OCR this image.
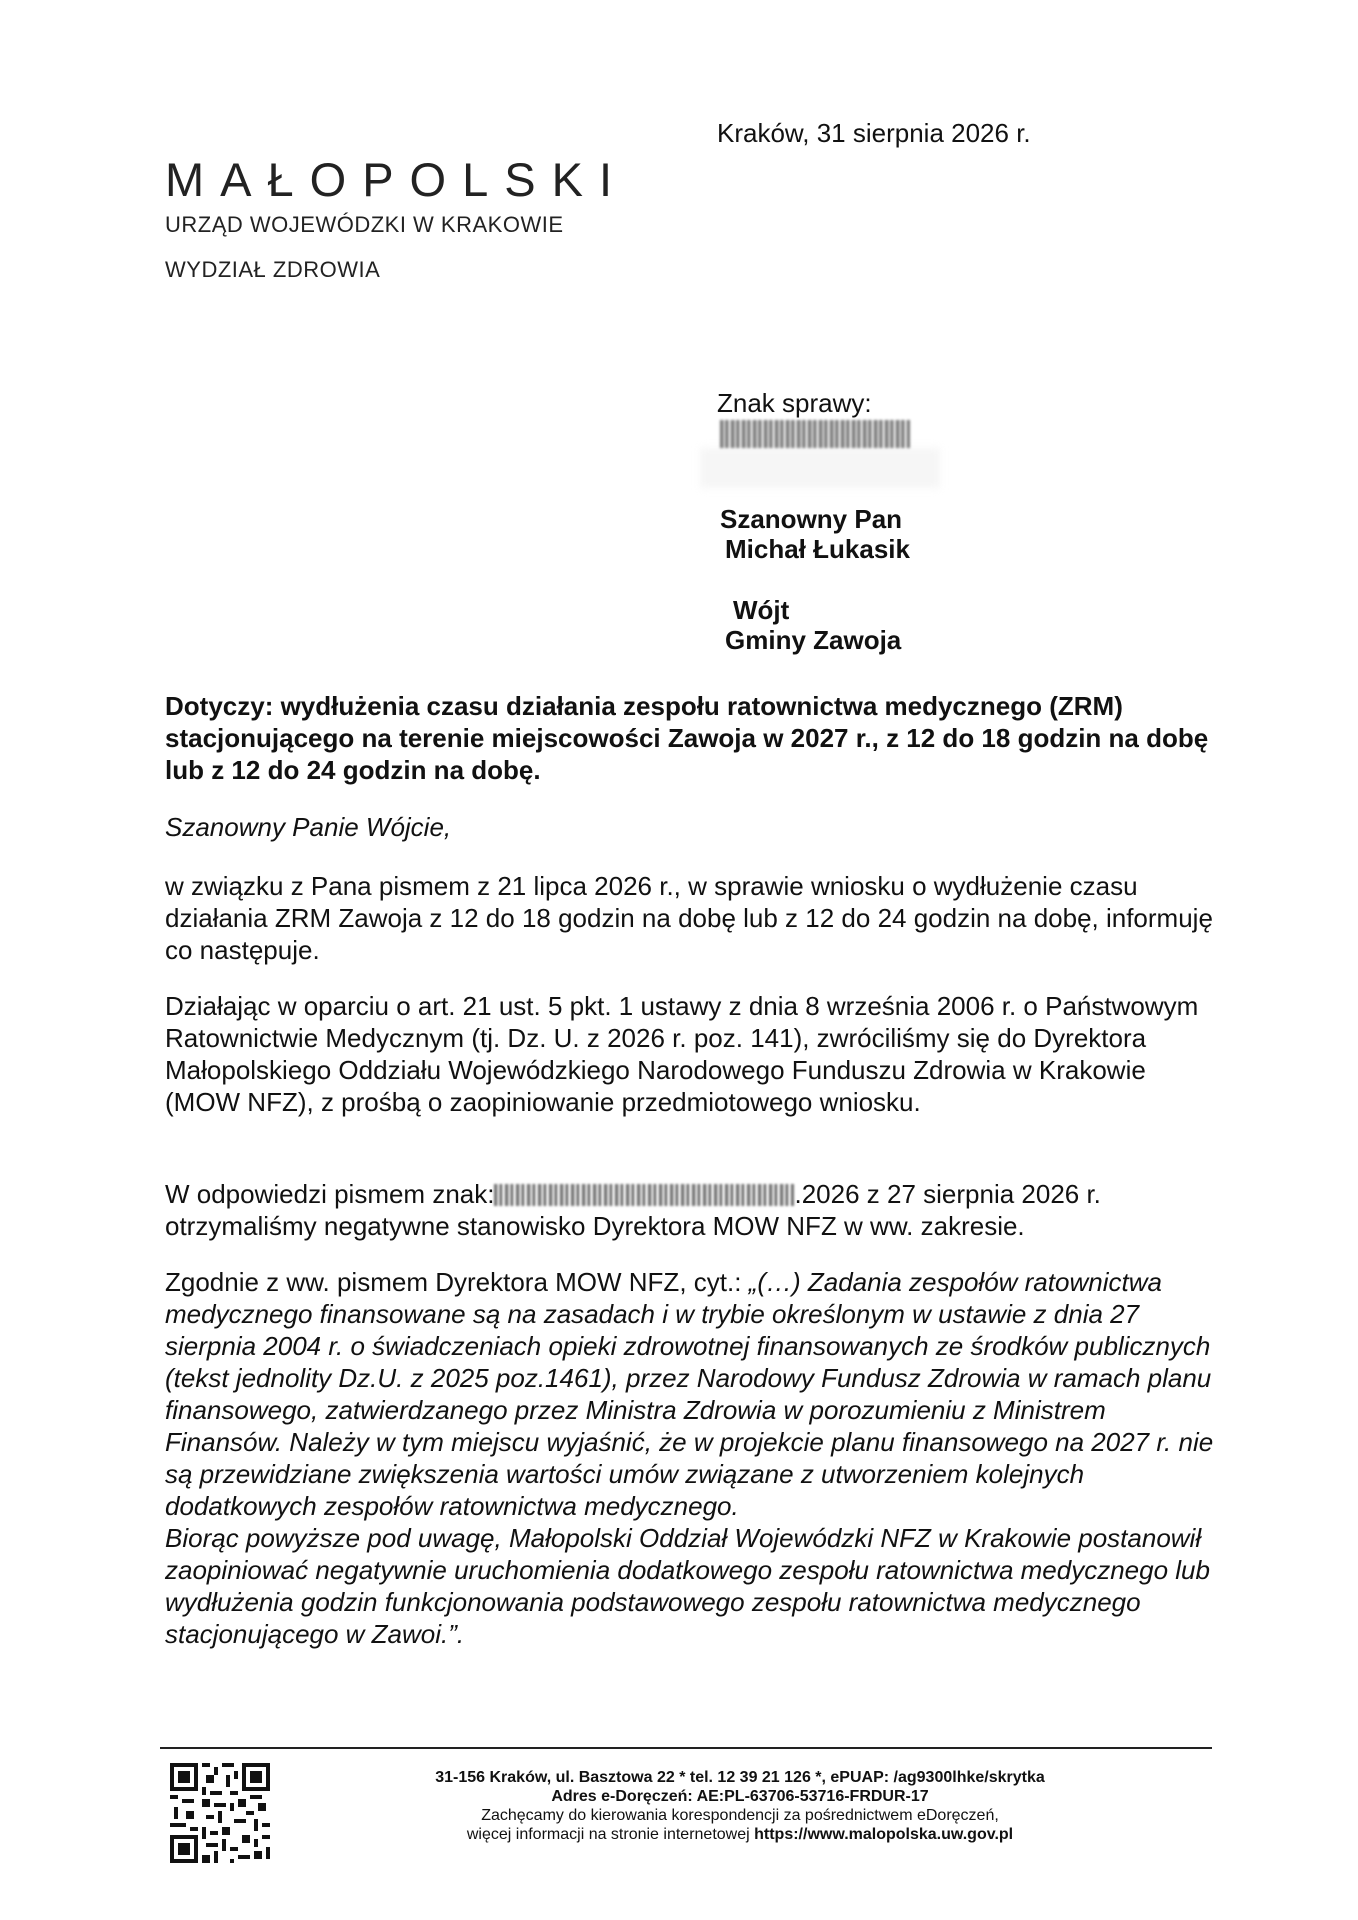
MAŁOPOLSKI
URZĄD WOJEWÓDZKI W KRAKOWIE
WYDZIAŁ ZDROWIA
Kraków, 31 sierpnia 2026 r.
Znak sprawy:
Szanowny Pan
Michał Łukasik
Wójt
Gminy Zawoja
Dotyczy: wydłużenia czasu działania zespołu ratownictwa medycznego (ZRM) stacjonującego na terenie miejscowości Zawoja w 2027 r., z 12 do 18 godzin na dobę lub z 12 do 24 godzin na dobę.
Szanowny Panie Wójcie,
w związku z Pana pismem z 21 lipca 2026 r., w sprawie wniosku o wydłużenie czasu działania ZRM Zawoja z 12 do 18 godzin na dobę lub z 12 do 24 godzin na dobę, informuję co następuje.
Działając w oparciu o art. 21 ust. 5 pkt. 1 ustawy z dnia 8 września 2006 r. o Państwowym Ratownictwie Medycznym (tj. Dz. U. z 2026 r. poz. 141), zwróciliśmy się do Dyrektora Małopolskiego Oddziału Wojewódzkiego Narodowego Funduszu Zdrowia w Krakowie (MOW NFZ), z prośbą o zaopiniowanie przedmiotowego wniosku.
W odpowiedzi pismem znak:	.2026 z 27 sierpnia 2026 r. otrzymaliśmy negatywne stanowisko Dyrektora MOW NFZ w ww. zakresie.
Zgodnie z ww. pismem Dyrektora MOW NFZ, cyt.: „(…) Zadania zespołów ratownictwa medycznego finansowane są na zasadach i w trybie określonym w ustawie z dnia 27 sierpnia 2004 r. o świadczeniach opieki zdrowotnej finansowanych ze środków publicznych (tekst jednolity Dz.U. z 2025 poz.1461), przez Narodowy Fundusz Zdrowia w ramach planu finansowego, zatwierdzanego przez Ministra Zdrowia w porozumieniu z Ministrem Finansów. Należy w tym miejscu wyjaśnić, że w projekcie planu finansowego na 2027 r. nie są przewidziane zwiększenia wartości umów związane z utworzeniem kolejnych dodatkowych zespołów ratownictwa medycznego.
Biorąc powyższe pod uwagę, Małopolski Oddział Wojewódzki NFZ w Krakowie postanowił zaopiniować negatywnie uruchomienia dodatkowego zespołu ratownictwa medycznego lub wydłużenia godzin funkcjonowania podstawowego zespołu ratownictwa medycznego stacjonującego w Zawoi.”.
31-156 Kraków, ul. Basztowa 22 * tel. 12 39 21 126 *, ePUAP: /ag9300lhke/skrytka
Adres e-Doręczeń: AE:PL-63706-53716-FRDUR-17
Zachęcamy do kierowania korespondencji za pośrednictwem eDoręczeń,
więcej informacji na stronie internetowej https://www.malopolska.uw.gov.pl
